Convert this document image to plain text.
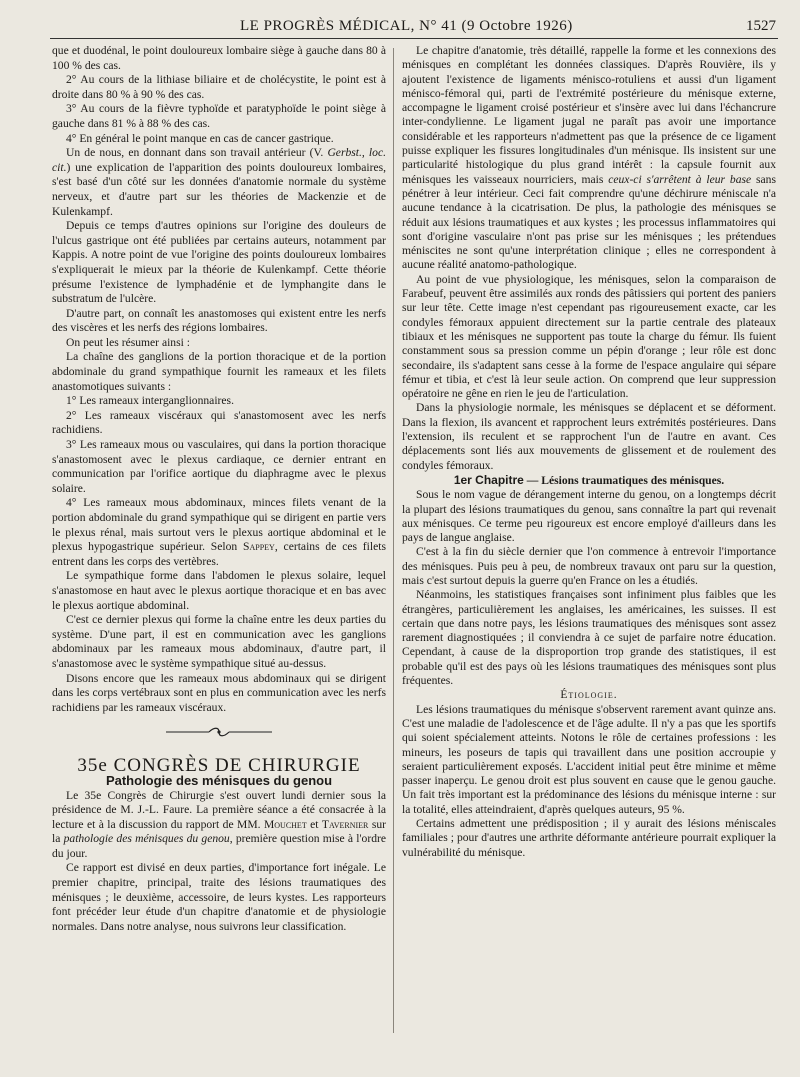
LE PROGRÈS MÉDICAL, N° 41 (9 Octobre 1926)	1527

que et duodénal, le point douloureux lombaire siège à gauche dans 80 à 100 % des cas.

2° Au cours de la lithiase biliaire et de cholécystite, le point est à droite dans 80 % à 90 % des cas.

3° Au cours de la fièvre typhoïde et paratyphoïde le point siège à gauche dans 81 % à 88 % des cas.

4° En général le point manque en cas de cancer gastrique.

Un de nous, en donnant dans son travail antérieur (V. Gerbst., loc. cit.) une explication de l'apparition des points douloureux lombaires, s'est basé d'un côté sur les données d'anatomie normale du système nerveux, et d'autre part sur les théories de Mackenzie et de Kulenkampf.

Depuis ce temps d'autres opinions sur l'origine des douleurs de l'ulcus gastrique ont été publiées par certains auteurs, notamment par Kappis. A notre point de vue l'origine des points douloureux lombaires s'expliquerait le mieux par la théorie de Kulenkampf. Cette théorie présume l'existence de lymphadénie et de lymphangite dans le substratum de l'ulcère.

D'autre part, on connaît les anastomoses qui existent entre les nerfs des viscères et les nerfs des régions lombaires.

On peut les résumer ainsi :

La chaîne des ganglions de la portion thoracique et de la portion abdominale du grand sympathique fournit les rameaux et les filets anastomotiques suivants :

1° Les rameaux interganglionnaires.

2° Les rameaux viscéraux qui s'anastomosent avec les nerfs rachidiens.

3° Les rameaux mous ou vasculaires, qui dans la portion thoracique s'anastomosent avec le plexus cardiaque, ce dernier entrant en communication par l'orifice aortique du diaphragme avec le plexus solaire.

4° Les rameaux mous abdominaux, minces filets venant de la portion abdominale du grand sympathique qui se dirigent en partie vers le plexus rénal, mais surtout vers le plexus aortique abdominal et le plexus hypogastrique supérieur. Selon Sappey, certains de ces filets entrent dans les corps des vertèbres.

Le sympathique forme dans l'abdomen le plexus solaire, lequel s'anastomose en haut avec le plexus aortique thoracique et en bas avec le plexus aortique abdominal.

C'est ce dernier plexus qui forme la chaîne entre les deux parties du système. D'une part, il est en communication avec les ganglions abdominaux par les rameaux mous abdominaux, d'autre part, il s'anastomose avec le système sympathique situé au-dessus.

Disons encore que les rameaux mous abdominaux qui se dirigent dans les corps vertébraux sont en plus en communication avec les nerfs rachidiens par les rameaux viscéraux.

35e CONGRÈS DE CHIRURGIE

Pathologie des ménisques du genou

Le 35e Congrès de Chirurgie s'est ouvert lundi dernier sous la présidence de M. J.-L. Faure. La première séance a été consacrée à la lecture et à la discussion du rapport de MM. Mouchet et Tavernier sur la pathologie des ménisques du genou, première question mise à l'ordre du jour.

Ce rapport est divisé en deux parties, d'importance fort inégale. Le premier chapitre, principal, traite des lésions traumatiques des ménisques ; le deuxième, accessoire, de leurs kystes. Les rapporteurs font précéder leur étude d'un chapitre d'anatomie et de physiologie normales. Dans notre analyse, nous suivrons leur classification.

Le chapitre d'anatomie, très détaillé, rappelle la forme et les connexions des ménisques en complétant les données classiques. D'après Rouvière, ils y ajoutent l'existence de ligaments ménisco-rotuliens et aussi d'un ligament ménisco-fémoral qui, parti de l'extrémité postérieure du ménisque externe, accompagne le ligament croisé postérieur et s'insère avec lui dans l'échancrure inter-condylienne. Le ligament jugal ne paraît pas avoir une importance considérable et les rapporteurs n'admettent pas que la présence de ce ligament puisse expliquer les fissures longitudinales d'un ménisque. Ils insistent sur une particularité histologique du plus grand intérêt : la capsule fournit aux ménisques les vaisseaux nourriciers, mais ceux-ci s'arrêtent à leur base sans pénétrer à leur intérieur. Ceci fait comprendre qu'une déchirure méniscale n'a aucune tendance à la cicatrisation. De plus, la pathologie des ménisques se réduit aux lésions traumatiques et aux kystes ; les processus inflammatoires qui sont d'origine vasculaire n'ont pas prise sur les ménisques ; les prétendues méniscites ne sont qu'une interprétation clinique ; elles ne correspondent à aucune réalité anatomo-pathologique.

Au point de vue physiologique, les ménisques, selon la comparaison de Farabeuf, peuvent être assimilés aux ronds des pâtissiers qui portent des paniers sur leur tête. Cette image n'est cependant pas rigoureusement exacte, car les condyles fémoraux appuient directement sur la partie centrale des plateaux tibiaux et les ménisques ne supportent pas toute la charge du fémur. Ils fuient constamment sous sa pression comme un pépin d'orange ; leur rôle est donc secondaire, ils s'adaptent sans cesse à la forme de l'espace angulaire qui sépare fémur et tibia, et c'est là leur seule action. On comprend que leur suppression opératoire ne gêne en rien le jeu de l'articulation.

Dans la physiologie normale, les ménisques se déplacent et se déforment. Dans la flexion, ils avancent et rapprochent leurs extrémités postérieures. Dans l'extension, ils reculent et se rapprochent l'un de l'autre en avant. Ces déplacements sont liés aux mouvements de glissement et de roulement des condyles fémoraux.

1er Chapitre — Lésions traumatiques des ménisques.

Sous le nom vague de dérangement interne du genou, on a longtemps décrit la plupart des lésions traumatiques du genou, sans connaître la part qui revenait aux ménisques. Ce terme peu rigoureux est encore employé d'ailleurs dans les pays de langue anglaise.

C'est à la fin du siècle dernier que l'on commence à entrevoir l'importance des ménisques. Puis peu à peu, de nombreux travaux ont paru sur la question, mais c'est surtout depuis la guerre qu'en France on les a étudiés.

Néanmoins, les statistiques françaises sont infiniment plus faibles que les étrangères, particulièrement les anglaises, les américaines, les suisses. Il est certain que dans notre pays, les lésions traumatiques des ménisques sont assez rarement diagnostiquées ; il conviendra à ce sujet de parfaire notre éducation. Cependant, à cause de la disproportion trop grande des statistiques, il est probable qu'il est des pays où les lésions traumatiques des ménisques sont plus fréquentes.

Étiologie.

Les lésions traumatiques du ménisque s'observent rarement avant quinze ans. C'est une maladie de l'adolescence et de l'âge adulte. Il n'y a pas que les sportifs qui soient spécialement atteints. Notons le rôle de certaines professions : les mineurs, les poseurs de tapis qui travaillent dans une position accroupie y seraient particulièrement exposés. L'accident initial peut être minime et même passer inaperçu. Le genou droit est plus souvent en cause que le genou gauche. Un fait très important est la prédominance des lésions du ménisque interne : sur la totalité, elles atteindraient, d'après quelques auteurs, 95 %.

Certains admettent une prédisposition ; il y aurait des lésions méniscales familiales ; pour d'autres une arthrite déformante antérieure pourrait expliquer la vulnérabilité du ménisque.
